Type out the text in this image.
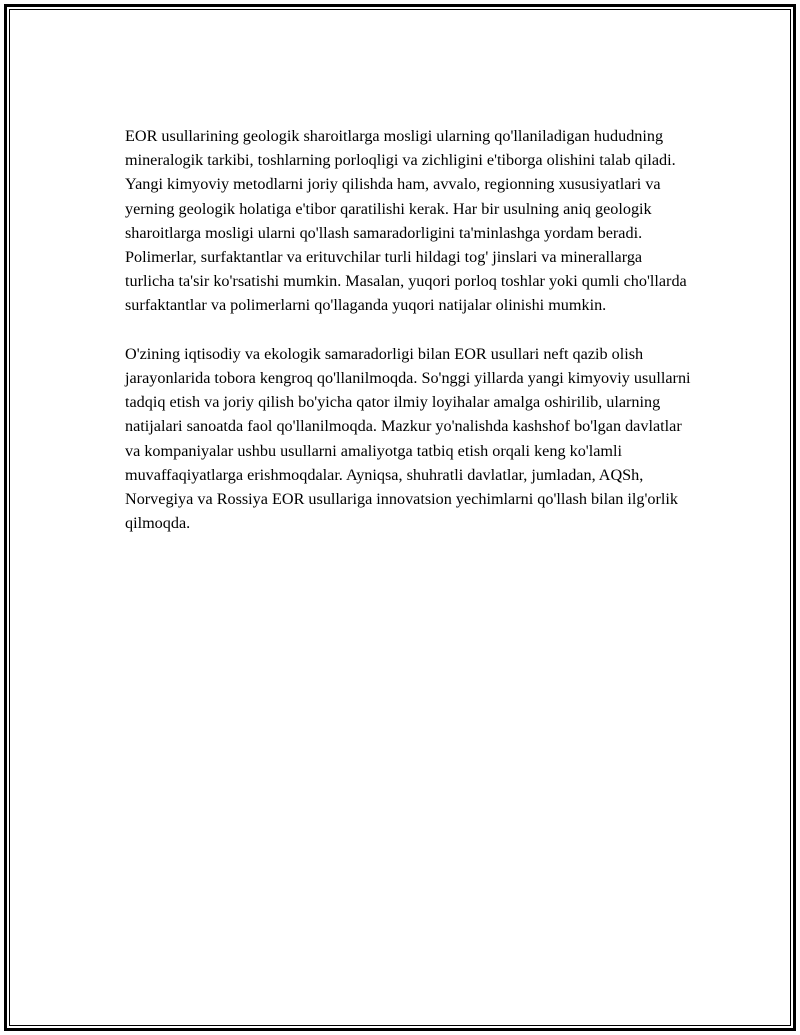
EOR usullarining geologik sharoitlarga mosligi ularning qo'llaniladigan hududning mineralogik tarkibi, toshlarning porloqligi va zichligini e'tiborga olishini talab qiladi. Yangi kimyoviy metodlarni joriy qilishda ham, avvalo, regionning xususiyatlari va yerning geologik holatiga e'tibor qaratilishi kerak. Har bir usulning aniq geologik sharoitlarga mosligi ularni qo'llash samaradorligini ta'minlashga yordam beradi. Polimerlar, surfaktantlar va erituvchilar turli hildagi tog' jinslari va minerallarga turlicha ta'sir ko'rsatishi mumkin. Masalan, yuqori porloq toshlar yoki qumli cho'llarda surfaktantlar va polimerlarni qo'llaganda yuqori natijalar olinishi mumkin.

O'zining iqtisodiy va ekologik samaradorligi bilan EOR usullari neft qazib olish jarayonlarida tobora kengroq qo'llanilmoqda. So'nggi yillarda yangi kimyoviy usullarni tadqiq etish va joriy qilish bo'yicha qator ilmiy loyihalar amalga oshirilib, ularning natijalari sanoatda faol qo'llanilmoqda. Mazkur yo'nalishda kashshof bo'lgan davlatlar va kompaniyalar ushbu usullarni amaliyotga tatbiq etish orqali keng ko'lamli muvaffaqiyatlarga erishmoqdalar. Ayniqsa, shuhratli davlatlar, jumladan, AQSh, Norvegiya va Rossiya EOR usullariga innovatsion yechimlarni qo'llash bilan ilg'orlik qilmoqda.
